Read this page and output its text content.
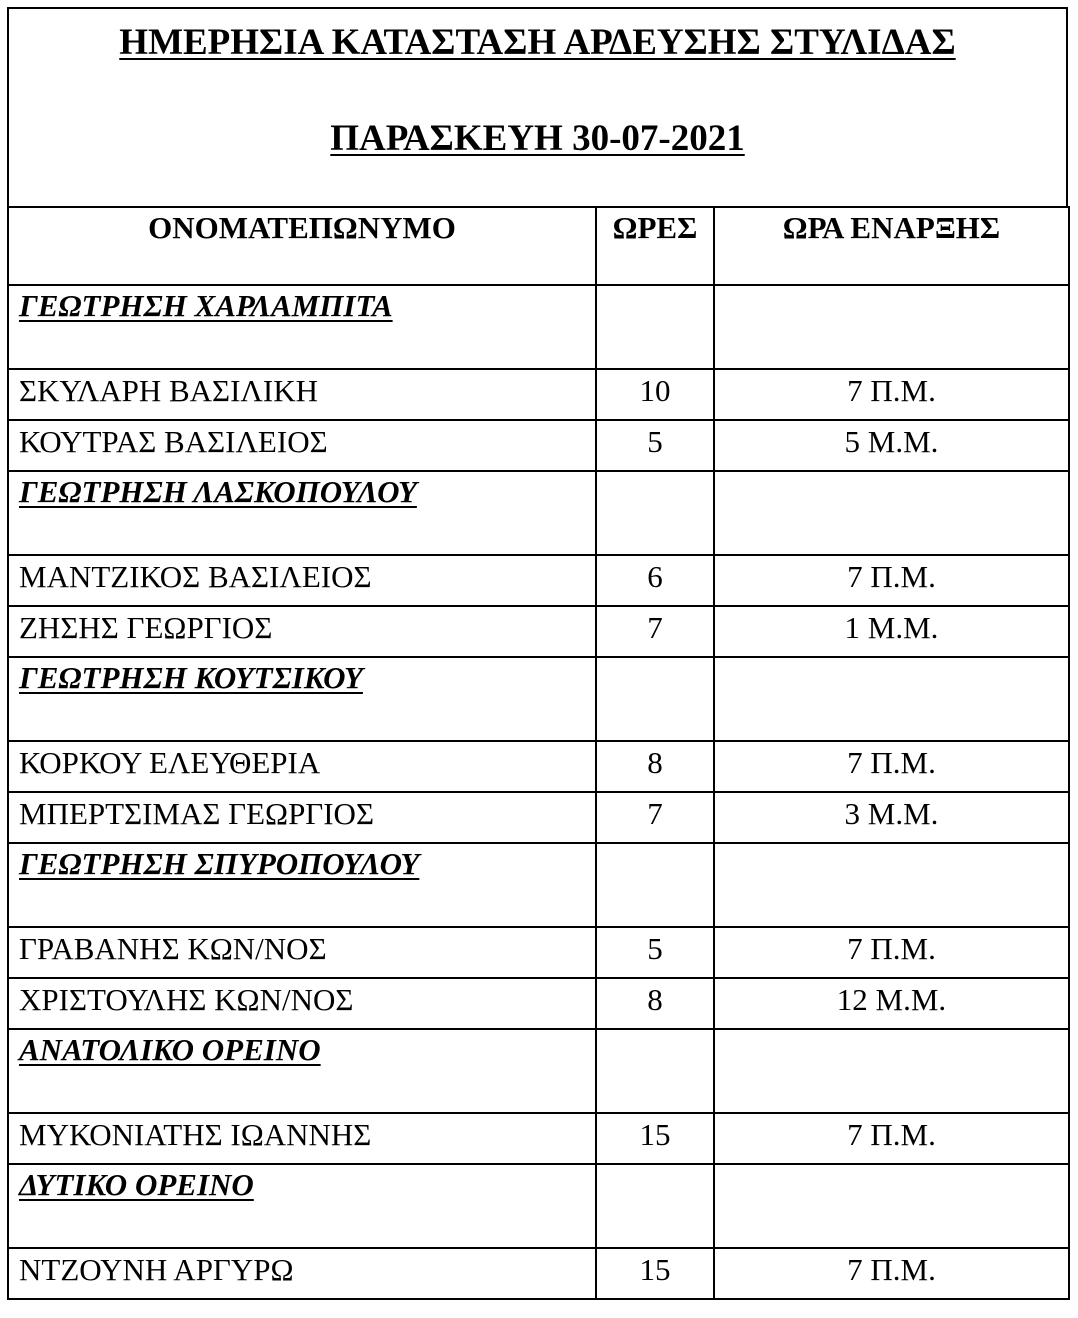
ΗΜΕΡΗΣΙΑ ΚΑΤΑΣΤΑΣΗ ΑΡΔΕΥΣΗΣ ΣΤΥΛΙΔΑΣ
ΠΑΡΑΣΚΕΥΗ 30-07-2021
ΟΝΟΜΑΤΕΠΩΝΥΜΟ	ΩΡΕΣ	ΩΡΑ ΕΝΑΡΞΗΣ
ΓΕΩΤΡΗΣΗ ΧΑΡΛΑΜΠΙΤΑ		
ΣΚΥΛΑΡΗ ΒΑΣΙΛΙΚΗ	10	7 Π.Μ.
ΚΟΥΤΡΑΣ ΒΑΣΙΛΕΙΟΣ	5	5 Μ.Μ.
ΓΕΩΤΡΗΣΗ ΛΑΣΚΟΠΟΥΛΟΥ		
ΜΑΝΤΖΙΚΟΣ ΒΑΣΙΛΕΙΟΣ	6	7 Π.Μ.
ΖΗΣΗΣ ΓΕΩΡΓΙΟΣ	7	1 Μ.Μ.
ΓΕΩΤΡΗΣΗ ΚΟΥΤΣΙΚΟΥ		
ΚΟΡΚΟΥ ΕΛΕΥΘΕΡΙΑ	8	7 Π.Μ.
ΜΠΕΡΤΣΙΜΑΣ ΓΕΩΡΓΙΟΣ	7	3 Μ.Μ.
ΓΕΩΤΡΗΣΗ ΣΠΥΡΟΠΟΥΛΟΥ		
ΓΡΑΒΑΝΗΣ ΚΩΝ/ΝΟΣ	5	7 Π.Μ.
ΧΡΙΣΤΟΥΛΗΣ ΚΩΝ/ΝΟΣ	8	12 Μ.Μ.
ΑΝΑΤΟΛΙΚΟ ΟΡΕΙΝΟ		
ΜΥΚΟΝΙΑΤΗΣ ΙΩΑΝΝΗΣ	15	7 Π.Μ.
ΔΥΤΙΚΟ ΟΡΕΙΝΟ		
ΝΤΖΟΥΝΗ ΑΡΓΥΡΩ	15	7 Π.Μ.
